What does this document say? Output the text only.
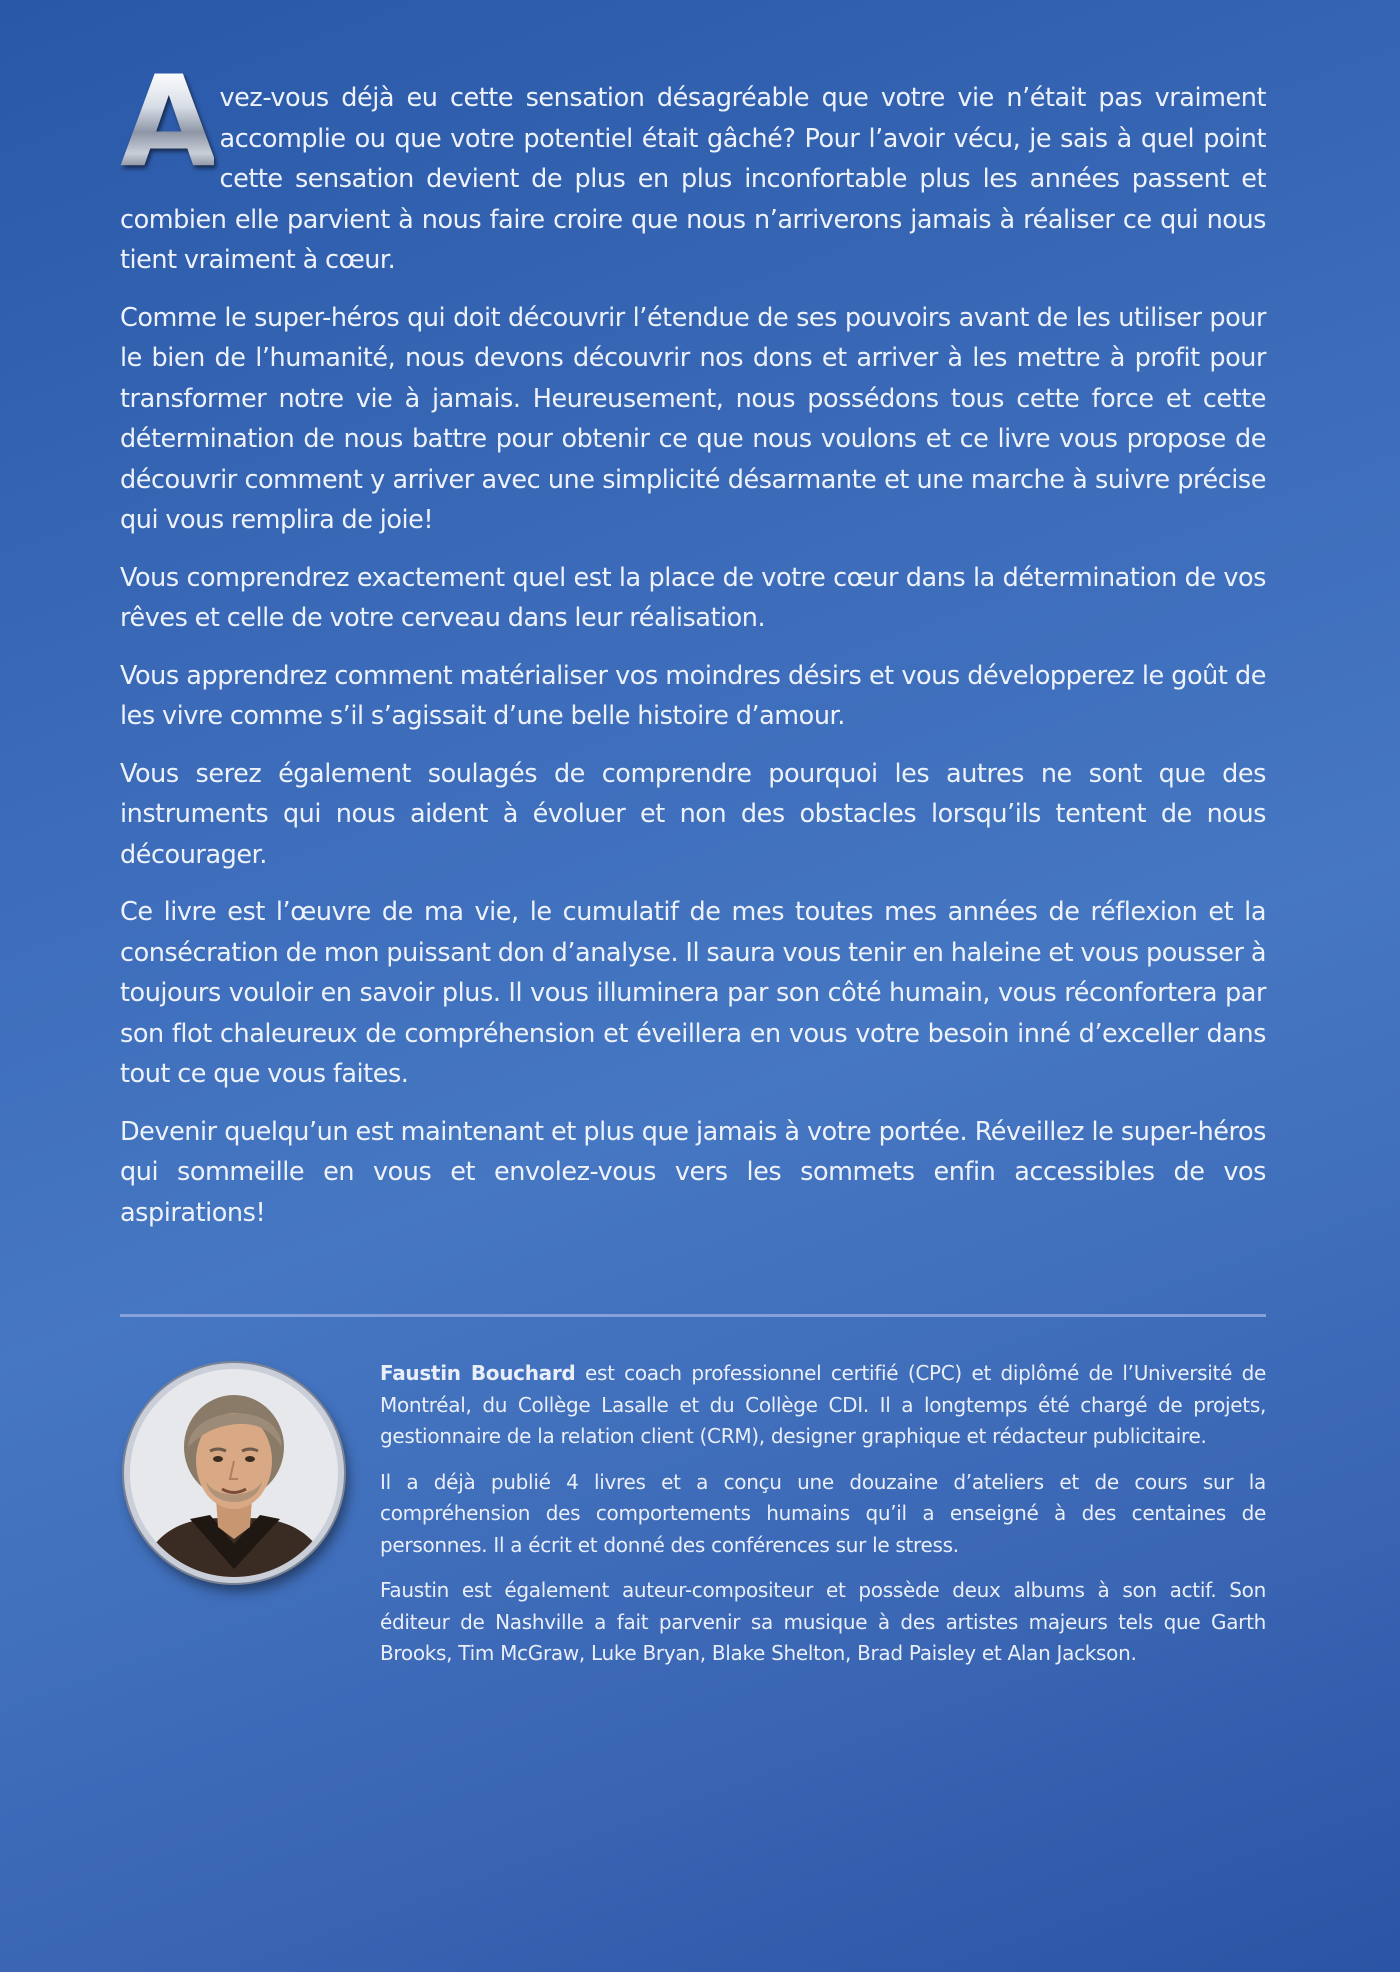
A vez-vous déjà eu cette sensation désagréable que votre vie n’était pas vraiment accomplie ou que votre potentiel était gâché? Pour l’avoir vécu, je sais à quel point cette sensation devient de plus en plus inconfortable plus les années passent et combien elle parvient à nous faire croire que nous n’arriverons jamais à réaliser ce qui nous tient vraiment à cœur.

Comme le super-héros qui doit découvrir l’étendue de ses pouvoirs avant de les utiliser pour le bien de l’humanité, nous devons découvrir nos dons et arriver à les mettre à profit pour transformer notre vie à jamais. Heureusement, nous possédons tous cette force et cette détermination de nous battre pour obtenir ce que nous voulons et ce livre vous propose de découvrir comment y arriver avec une simplicité désarmante et une marche à suivre précise qui vous remplira de joie!

Vous comprendrez exactement quel est la place de votre cœur dans la détermination de vos rêves et celle de votre cerveau dans leur réalisation.

Vous apprendrez comment matérialiser vos moindres désirs et vous développerez le goût de les vivre comme s’il s’agissait d’une belle histoire d’amour.

Vous serez également soulagés de comprendre pourquoi les autres ne sont que des instruments qui nous aident à évoluer et non des obstacles lorsqu’ils tentent de nous décourager.

Ce livre est l’œuvre de ma vie, le cumulatif de mes toutes mes années de réflexion et la consécration de mon puissant don d’analyse. Il saura vous tenir en haleine et vous pousser à toujours vouloir en savoir plus. Il vous illuminera par son côté humain, vous réconfortera par son flot chaleureux de compréhension et éveillera en vous votre besoin inné d’exceller dans tout ce que vous faites.

Devenir quelqu’un est maintenant et plus que jamais à votre portée. Réveillez le super-héros qui sommeille en vous et envolez-vous vers les sommets enfin accessibles de vos aspirations!

Faustin Bouchard est coach professionnel certifié (CPC) et diplômé de l’Université de Montréal, du Collège Lasalle et du Collège CDI. Il a longtemps été chargé de projets, gestionnaire de la relation client (CRM), designer graphique et rédacteur publicitaire.

Il a déjà publié 4 livres et a conçu une douzaine d’ateliers et de cours sur la compréhension des comportements humains qu’il a enseigné à des centaines de personnes. Il a écrit et donné des conférences sur le stress.

Faustin est également auteur-compositeur et possède deux albums à son actif. Son éditeur de Nashville a fait parvenir sa musique à des artistes majeurs tels que Garth Brooks, Tim McGraw, Luke Bryan, Blake Shelton, Brad Paisley et Alan Jackson.
